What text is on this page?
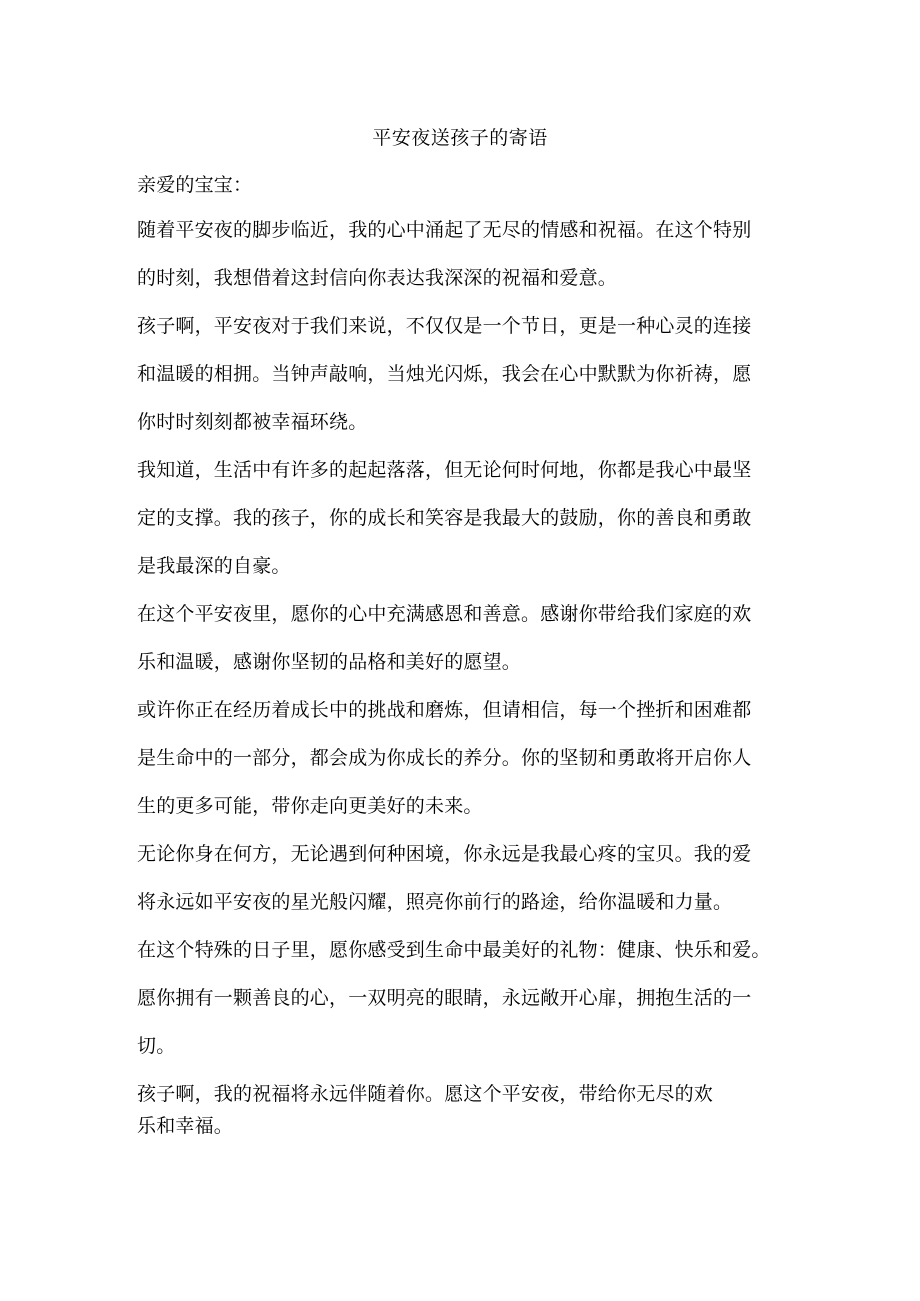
平安夜送孩子的寄语
亲爱的宝宝：
随着平安夜的脚步临近，我的心中涌起了无尽的情感和祝福。在这个特别
的时刻，我想借着这封信向你表达我深深的祝福和爱意。
孩子啊，平安夜对于我们来说，不仅仅是一个节日，更是一种心灵的连接
和温暖的相拥。当钟声敲响，当烛光闪烁，我会在心中默默为你祈祷，愿
你时时刻刻都被幸福环绕。
我知道，生活中有许多的起起落落，但无论何时何地，你都是我心中最坚
定的支撑。我的孩子，你的成长和笑容是我最大的鼓励，你的善良和勇敢
是我最深的自豪。
在这个平安夜里，愿你的心中充满感恩和善意。感谢你带给我们家庭的欢
乐和温暖，感谢你坚韧的品格和美好的愿望。
或许你正在经历着成长中的挑战和磨炼，但请相信，每一个挫折和困难都
是生命中的一部分，都会成为你成长的养分。你的坚韧和勇敢将开启你人
生的更多可能，带你走向更美好的未来。
无论你身在何方，无论遇到何种困境，你永远是我最心疼的宝贝。我的爱
将永远如平安夜的星光般闪耀，照亮你前行的路途，给你温暖和力量。
在这个特殊的日子里，愿你感受到生命中最美好的礼物：健康、快乐和爱。
愿你拥有一颗善良的心，一双明亮的眼睛，永远敞开心扉，拥抱生活的一
切。
孩子啊，我的祝福将永远伴随着你。愿这个平安夜，带给你无尽的欢
乐和幸福。
